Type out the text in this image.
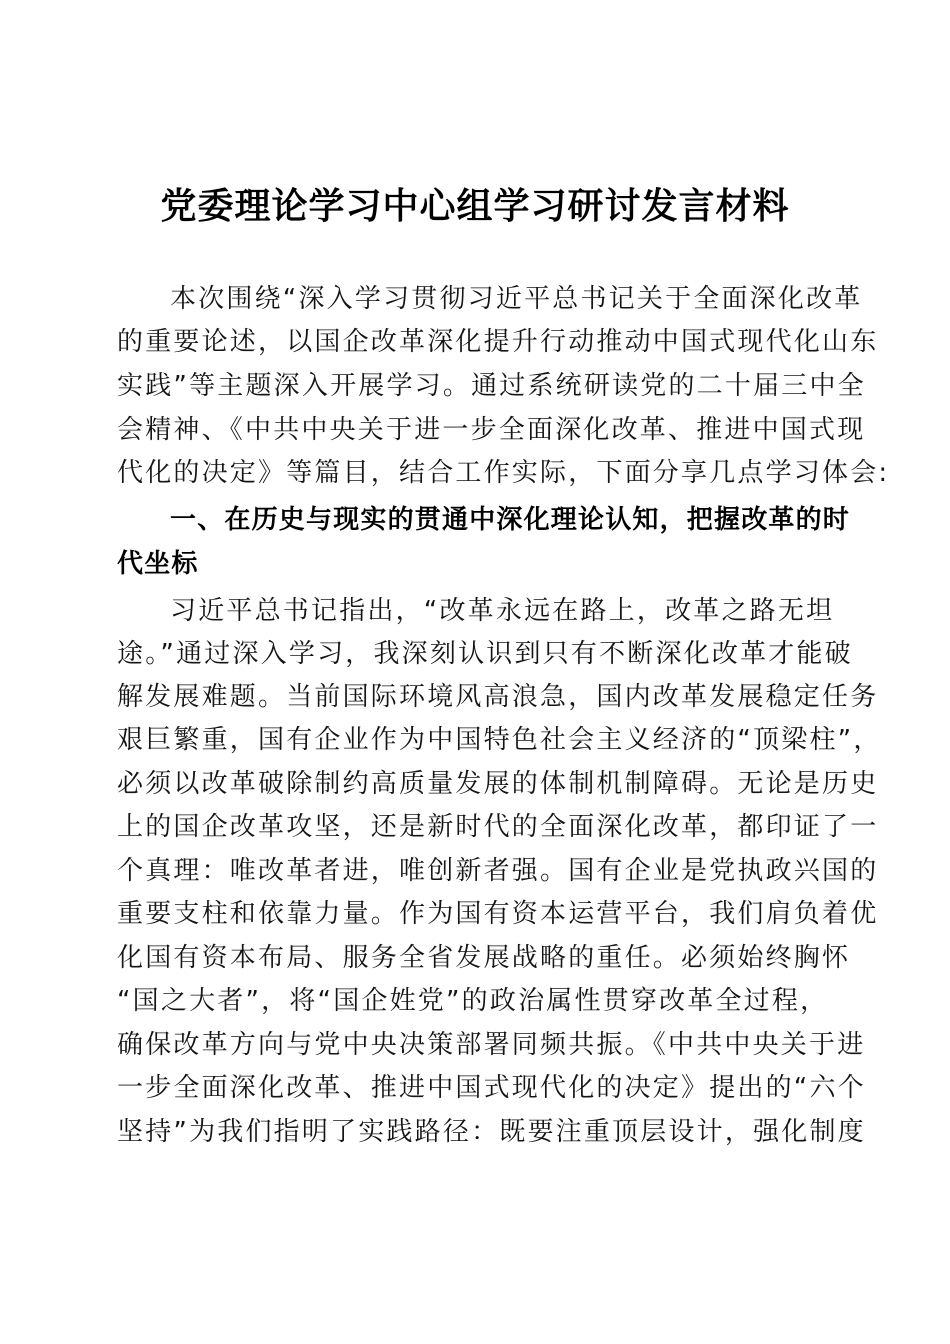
党委理论学习中心组学习研讨发言材料
本次围绕“深入学习贯彻习近平总书记关于全面深化改革
的重要论述，以国企改革深化提升行动推动中国式现代化山东
实践”等主题深入开展学习。通过系统研读党的二十届三中全
会精神、《中共中央关于进一步全面深化改革、推进中国式现
代化的决定》等篇目，结合工作实际，下面分享几点学习体会:
一、在历史与现实的贯通中深化理论认知，把握改革的时
代坐标
习近平总书记指出，“改革永远在路上，改革之路无坦
途。”通过深入学习，我深刻认识到只有不断深化改革才能破
解发展难题。当前国际环境风高浪急，国内改革发展稳定任务
艰巨繁重，国有企业作为中国特色社会主义经济的“顶梁柱”，
必须以改革破除制约高质量发展的体制机制障碍。无论是历史
上的国企改革攻坚，还是新时代的全面深化改革，都印证了一
个真理：唯改革者进，唯创新者强。国有企业是党执政兴国的
重要支柱和依靠力量。作为国有资本运营平台，我们肩负着优
化国有资本布局、服务全省发展战略的重任。必须始终胸怀
“国之大者”，将“国企姓党”的政治属性贯穿改革全过程，
确保改革方向与党中央决策部署同频共振。《中共中央关于进
一步全面深化改革、推进中国式现代化的决定》提出的“六个
坚持”为我们指明了实践路径：既要注重顶层设计，强化制度
